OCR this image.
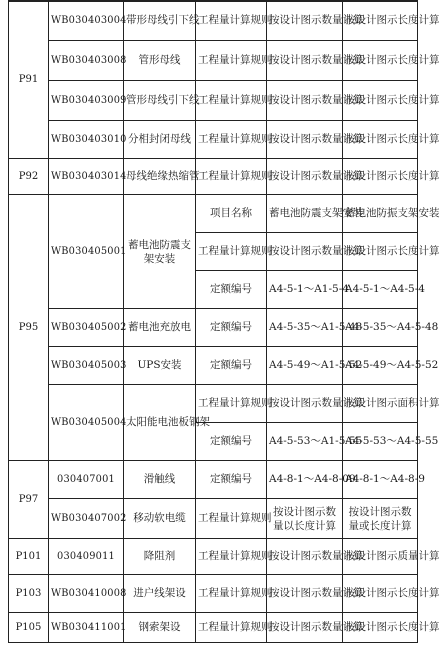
P91	WB030403004	带形母线引下线	工程量计算规则	按设计图示数量计算	按设计图示长度计算
	WB030403008	管形母线	工程量计算规则	按设计图示数量计算	按设计图示长度计算
	WB030403009	管形母线引下线	工程量计算规则	按设计图示数量计算	按设计图示长度计算
	WB030403010	分相封闭母线	工程量计算规则	按设计图示数量计算	按设计图示长度计算
P92	WB030403014	母线绝缘热缩管	工程量计算规则	按设计图示数量计算	按设计图示长度计算
P95	WB030405001	蓄电池防震支架安装	项目名称	蓄电池防震支架安装	蓄电池防振支架安装
			工程量计算规则	按设计图示数量计算	按设计图示长度计算
			定额编号	A4-5-1～A1-5-4	A4-5-1～A4-5-4
	WB030405002	蓄电池充放电	定额编号	A4-5-35～A1-5-48	A4-5-35～A4-5-48
	WB030405003	UPS安装	定额编号	A4-5-49～A1-5-52	A4-5-49～A4-5-52
	WB030405004	太阳能电池板钢架	工程量计算规则	按设计图示数量计算	按设计图示面积计算
			定额编号	A4-5-53～A1-5-55	A4-5-53～A4-5-55
P97	030407001	滑触线	定额编号	A4-8-1～A4-8-09	A4-8-1～A4-8-9
	WB030407002	移动软电缆	工程量计算规则	按设计图示数量以长度计算	按设计图示数量或长度计算
P101	030409011	降阻剂	工程量计算规则	按设计图示数量计算	按设计图示质量计算
P103	WB030410008	进户线架设	工程量计算规则	按设计图示数量计算	按设计图示长度计算
P105	WB030411001	钢索架设	工程量计算规则	按设计图示数量计算	按设计图示长度计算
